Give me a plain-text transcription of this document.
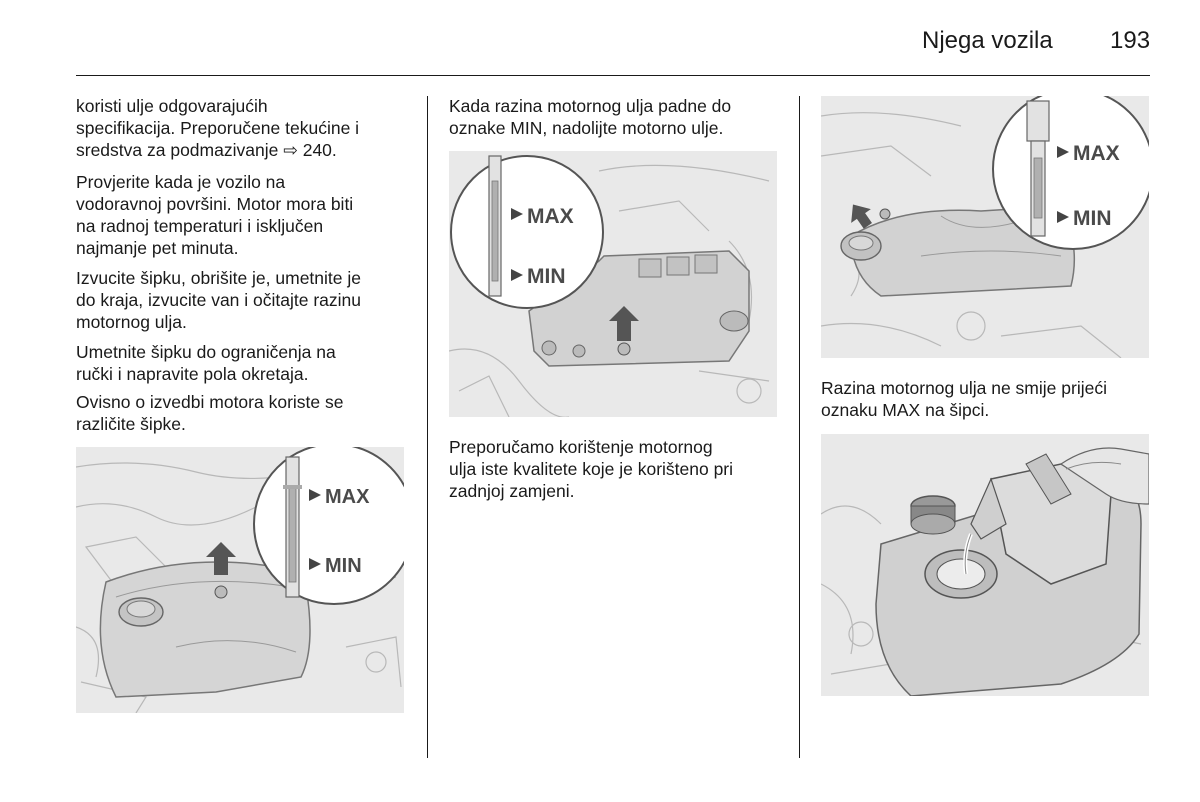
Njega vozila 193

koristi ulje odgovarajućih
specifikacija. Preporučene tekućine i
sredstva za podmazivanje ⇨ 240.

Provjerite kada je vozilo na
vodoravnoj površini. Motor mora biti
na radnoj temperaturi i isključen
najmanje pet minuta.

Izvucite šipku, obrišite je, umetnite je
do kraja, izvucite van i očitajte razinu
motornog ulja.

Umetnite šipku do ograničenja na
ručki i napravite pola okretaja.

Ovisno o izvedbi motora koriste se
različite šipke.

MAX
MIN

Kada razina motornog ulja padne do
oznake MIN, nadolijte motorno ulje.

MAX
MIN

Preporučamo korištenje motornog
ulja iste kvalitete koje je korišteno pri
zadnjoj zamjeni.

MAX
MIN

Razina motornog ulja ne smije prijeći
oznaku MAX na šipci.
